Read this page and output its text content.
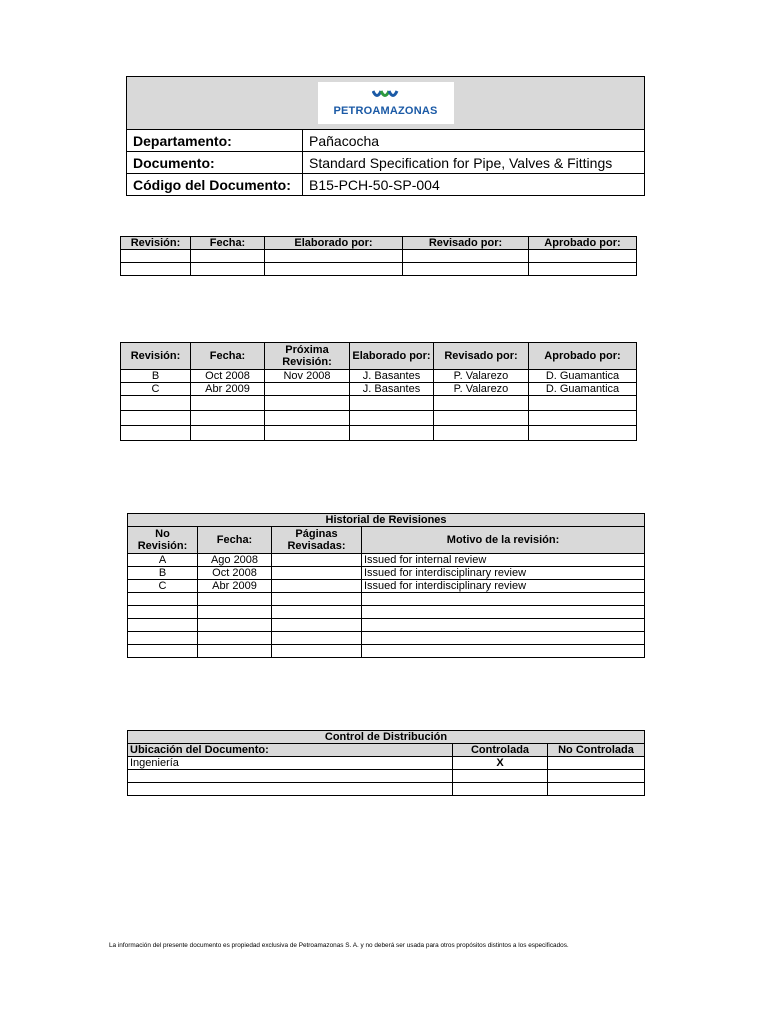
PETROAMAZONAS	

Departamento:	Pañacocha
Documento:	Standard Specification for Pipe, Valves & Fittings
Código del Documento:	B15-PCH-50-SP-004
Revisión:	Fecha:	Elaborado por:	Revisado por:	Aprobado por:

Revisión:	Fecha:	Próxima Revisión:	Elaborado por:	Revisado por:	Aprobado por:
B	Oct 2008	Nov 2008	J. Basantes	P. Valarezo	D. Guamantica
C	Abr 2009		J. Basantes	P. Valarezo	D. Guamantica

Historial de Revisiones			
No Revisión:	Fecha:	Páginas Revisadas:	Motivo de la revisión:
A	Ago 2008		Issued for internal review
B	Oct 2008		Issued for interdisciplinary review
C	Abr 2009		Issued for interdisciplinary review

Control de Distribución		
Ubicación del Documento:	Controlada	No Controlada
Ingeniería	X	

La información del presente documento es propiedad exclusiva de Petroamazonas S. A. y no deberá ser usada para otros propósitos distintos a los especificados.
